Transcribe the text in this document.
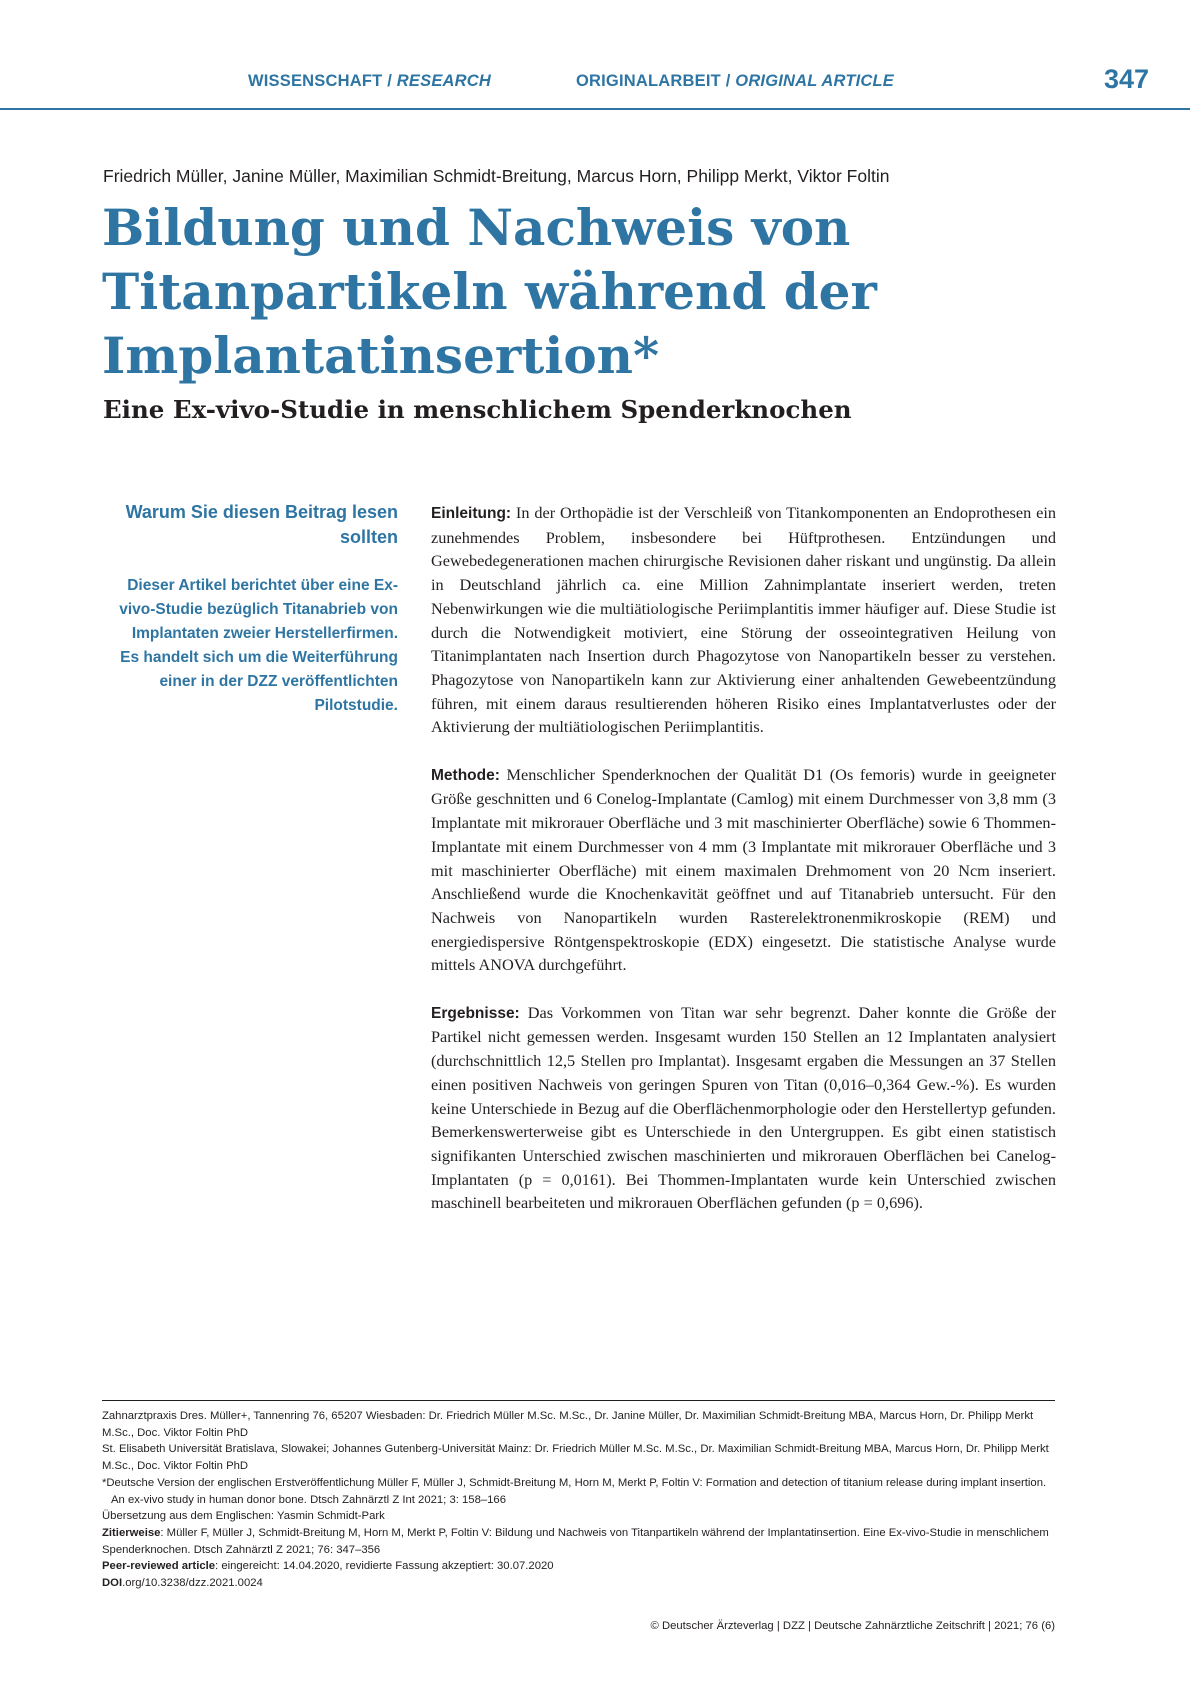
WISSENSCHAFT / RESEARCH	ORIGINALARBEIT / ORIGINAL ARTICLE	347
Friedrich Müller, Janine Müller, Maximilian Schmidt-Breitung, Marcus Horn, Philipp Merkt, Viktor Foltin
Bildung und Nachweis von Titanpartikeln während der Implantatinsertion*
Eine Ex-vivo-Studie in menschlichem Spenderknochen
Warum Sie diesen Beitrag lesen sollten
Dieser Artikel berichtet über eine Ex-vivo-Studie bezüglich Titanabrieb von Implantaten zweier Herstellerfirmen. Es handelt sich um die Weiterführung einer in der DZZ veröffentlichten Pilotstudie.

Einleitung: In der Orthopädie ist der Verschleiß von Titankomponenten an Endoprothesen ein zunehmendes Problem, insbesondere bei Hüftprothesen. Entzündungen und Gewebedegenerationen machen chirurgische Revisionen daher riskant und ungünstig. Da allein in Deutschland jährlich ca. eine Million Zahnimplantate inseriert werden, treten Nebenwirkungen wie die multiätiologische Periimplantitis immer häufiger auf. Diese Studie ist durch die Notwendigkeit motiviert, eine Störung der osseointegrativen Heilung von Titanimplantaten nach Insertion durch Phagozytose von Nanopartikeln besser zu verstehen. Phagozytose von Nanopartikeln kann zur Aktivierung einer anhaltenden Gewebeentzündung führen, mit einem daraus resultierenden höheren Risiko eines Implantatverlustes oder der Aktivierung der multiätiologischen Periimplantitis.

Methode: Menschlicher Spenderknochen der Qualität D1 (Os femoris) wurde in geeigneter Größe geschnitten und 6 Conelog-Implantate (Camlog) mit einem Durchmesser von 3,8 mm (3 Implantate mit mikrorauer Oberfläche und 3 mit maschinierter Oberfläche) sowie 6 Thommen-Implantate mit einem Durchmesser von 4 mm (3 Implantate mit mikrorauer Oberfläche und 3 mit maschinierter Oberfläche) mit einem maximalen Drehmoment von 20 Ncm inseriert. Anschließend wurde die Knochenkavität geöffnet und auf Titanabrieb untersucht. Für den Nachweis von Nanopartikeln wurden Rasterelektronenmikroskopie (REM) und energiedispersive Röntgenspektroskopie (EDX) eingesetzt. Die statistische Analyse wurde mittels ANOVA durchgeführt.

Ergebnisse: Das Vorkommen von Titan war sehr begrenzt. Daher konnte die Größe der Partikel nicht gemessen werden. Insgesamt wurden 150 Stellen an 12 Implantaten analysiert (durchschnittlich 12,5 Stellen pro Implantat). Insgesamt ergaben die Messungen an 37 Stellen einen positiven Nachweis von geringen Spuren von Titan (0,016–0,364 Gew.-%). Es wurden keine Unterschiede in Bezug auf die Oberflächenmorphologie oder den Herstellertyp gefunden. Bemerkenswerterweise gibt es Unterschiede in den Untergruppen. Es gibt einen statistisch signifikanten Unterschied zwischen maschinierten und mikrorauen Oberflächen bei Canelog-Implantaten (p = 0,0161). Bei Thommen-Implantaten wurde kein Unterschied zwischen maschinell bearbeiteten und mikrorauen Oberflächen gefunden (p = 0,696).

Zahnarztpraxis Dres. Müller+, Tannenring 76, 65207 Wiesbaden: Dr. Friedrich Müller M.Sc. M.Sc., Dr. Janine Müller, Dr. Maximilian Schmidt-Breitung MBA, Marcus Horn, Dr. Philipp Merkt M.Sc., Doc. Viktor Foltin PhD
St. Elisabeth Universität Bratislava, Slowakei; Johannes Gutenberg-Universität Mainz: Dr. Friedrich Müller M.Sc. M.Sc., Dr. Maximilian Schmidt-Breitung MBA, Marcus Horn, Dr. Philipp Merkt M.Sc., Doc. Viktor Foltin PhD
*Deutsche Version der englischen Erstveröffentlichung Müller F, Müller J, Schmidt-Breitung M, Horn M, Merkt P, Foltin V: Formation and detection of titanium release during implant insertion. An ex-vivo study in human donor bone. Dtsch Zahnärztl Z Int 2021; 3: 158–166
Übersetzung aus dem Englischen: Yasmin Schmidt-Park
Zitierweise: Müller F, Müller J, Schmidt-Breitung M, Horn M, Merkt P, Foltin V: Bildung und Nachweis von Titanpartikeln während der Implantatinsertion. Eine Ex-vivo-Studie in menschlichem Spenderknochen. Dtsch Zahnärztl Z 2021; 76: 347–356
Peer-reviewed article: eingereicht: 14.04.2020, revidierte Fassung akzeptiert: 30.07.2020
DOI.org/10.3238/dzz.2021.0024
© Deutscher Ärzteverlag | DZZ | Deutsche Zahnärztliche Zeitschrift | 2021; 76 (6)
